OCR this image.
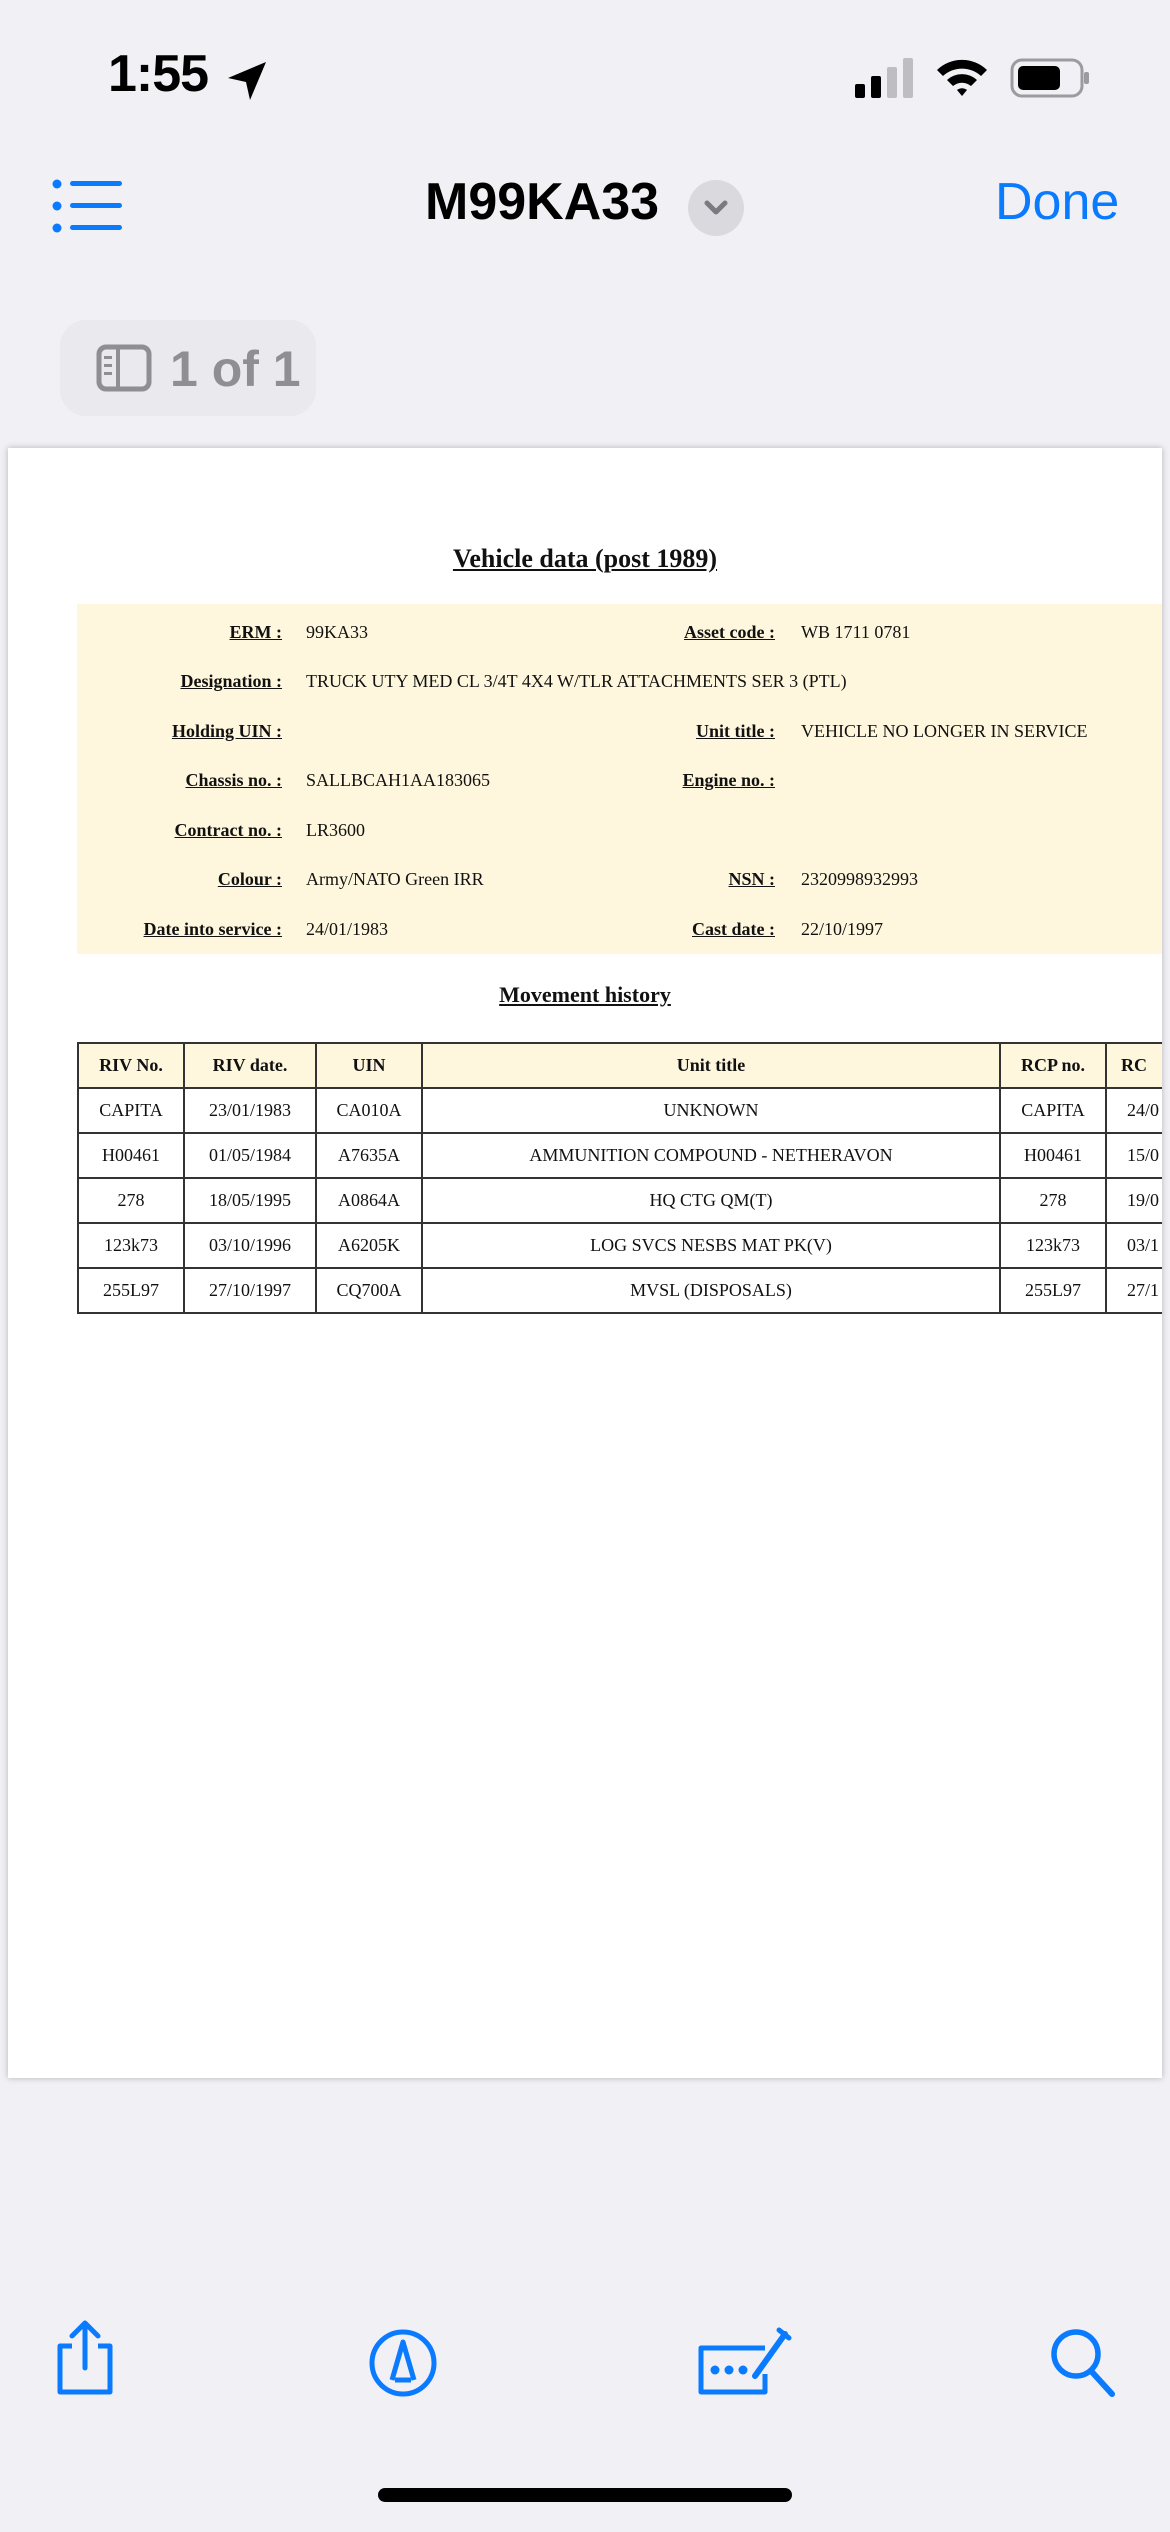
1:55
M99KA33	Done
1 of 1
Vehicle data (post 1989)
ERM : 99KA33	Asset code : WB 1711 0781
Designation : TRUCK UTY MED CL 3/4T 4X4 W/TLR ATTACHMENTS SER 3 (PTL)
Holding UIN :	Unit title : VEHICLE NO LONGER IN SERVICE
Chassis no. : SALLBCAH1AA183065	Engine no. :
Contract no. : LR3600
Colour : Army/NATO Green IRR	NSN : 2320998932993
Date into service : 24/01/1983	Cast date : 22/10/1997
Movement history
RIV No.	RIV date.	UIN	Unit title	RCP no.	RC
CAPITA	23/01/1983	CA010A	UNKNOWN	CAPITA	24/0
H00461	01/05/1984	A7635A	AMMUNITION COMPOUND - NETHERAVON	H00461	15/0
278	18/05/1995	A0864A	HQ CTG QM(T)	278	19/0
123k73	03/10/1996	A6205K	LOG SVCS NESBS MAT PK(V)	123k73	03/1
255L97	27/10/1997	CQ700A	MVSL (DISPOSALS)	255L97	27/1
